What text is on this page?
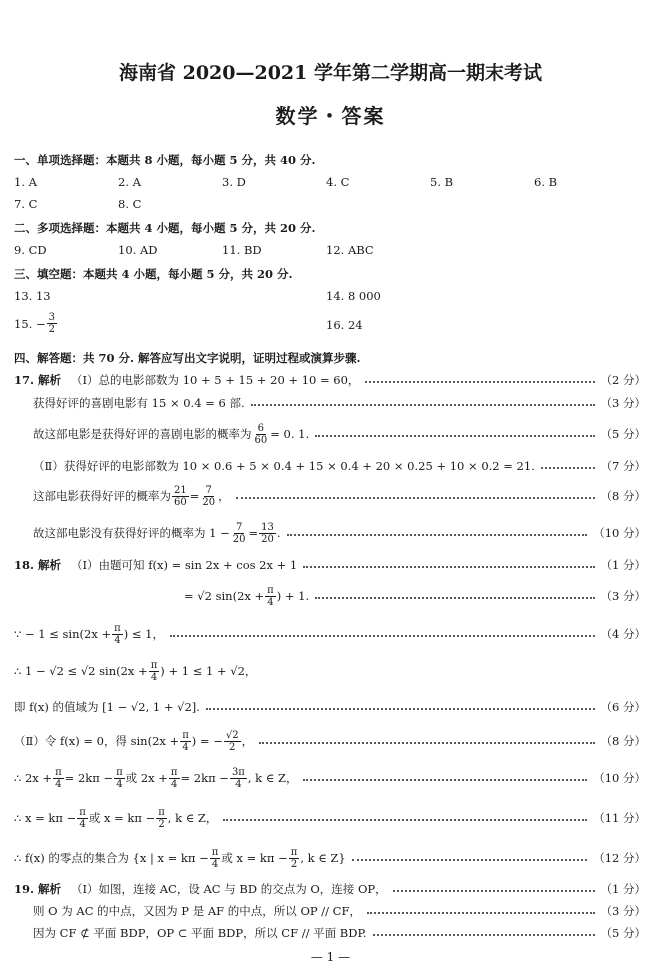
海南省 2020—2021 学年第二学期高一期末考试
数学・答案
一、单项选择题：本题共 8 小题，每小题 5 分，共 40 分.
1. A	2. A	3. D	4. C	5. B	6. B
7. C	8. C
二、多项选择题：本题共 4 小题，每小题 5 分，共 20 分.
9. CD	10. AD	11. BD	12. ABC
三、填空题：本题共 4 小题，每小题 5 分，共 20 分.
13. 13	14. 8 000
15. − $\frac{3}{2}$	16. 24
四、解答题：共 70 分. 解答应写出文字说明，证明过程或演算步骤.
17. 解析 （Ⅰ）总的电影部数为 10 + 5 + 15 + 20 + 10 = 60，	（2 分）
获得好评的喜剧电影有 15 × 0.4 = 6 部.	（3 分）
故这部电影是获得好评的喜剧电影的概率为 $\frac{6}{60} = 0$. 1.	（5 分）
（Ⅱ）获得好评的电影部数为 10 × 0.6 + 5 × 0.4 + 15 × 0.4 + 20 × 0.25 + 10 × 0.2 = 21.	（7 分）
这部电影获得好评的概率为 $\frac{21}{60} = \frac{7}{20}$ ，	（8 分）
故这部电影没有获得好评的概率为 $1 - \frac{7}{20} = \frac{13}{20}$ .	（10 分）
18. 解析 （Ⅰ）由题可知 f(x) = sin 2x + cos 2x + 1	（1 分）
= √2 $\sin (2x + \frac{\pi}{4}$ ) + 1.	（3 分）
∵ − $1 \le \sin (2x + \frac{\pi}{4}$ ) ≤ 1，	（4 分）
∴ 1 − √2 ≤ √2 $\sin (2x + \frac{\pi}{4}$ ) + 1 ≤ 1 + √2，
即 f(x) 的值域为 [1 − √2, 1 + √2].	（6 分）
（Ⅱ）令 f(x) = 0，得 $\sin (2x + \frac{\pi}{4}$ ) = − $\frac{√2}{2}$ ，	（8 分）
∴ $2x + \frac{\pi}{4} = 2k\pi - \frac{\pi}{4}$ 或 $2x + \frac{\pi}{4} = 2k\pi - \frac{3\pi}{4}$ , k ∈ Z，	（10 分）
∴ $x = k\pi - \frac{\pi}{4}$ 或 $x = k\pi - \frac{\pi}{2}$ , k ∈ Z，	（11 分）
∴ f(x) 的零点的集合为 {x | $x = k\pi - \frac{\pi}{4}$ 或 $x = k\pi - \frac{\pi}{2}$ , k ∈ Z}	（12 分）
19. 解析 （Ⅰ）如图，连接 AC，设 AC 与 BD 的交点为 O，连接 OP，	（1 分）
则 O 为 AC 的中点，又因为 P 是 AF 的中点，所以 OP // CF，	（3 分）
因为 CF ⊄ 平面 BDP，OP ⊂ 平面 BDP，所以 CF // 平面 BDP.	（5 分）
— 1 —
